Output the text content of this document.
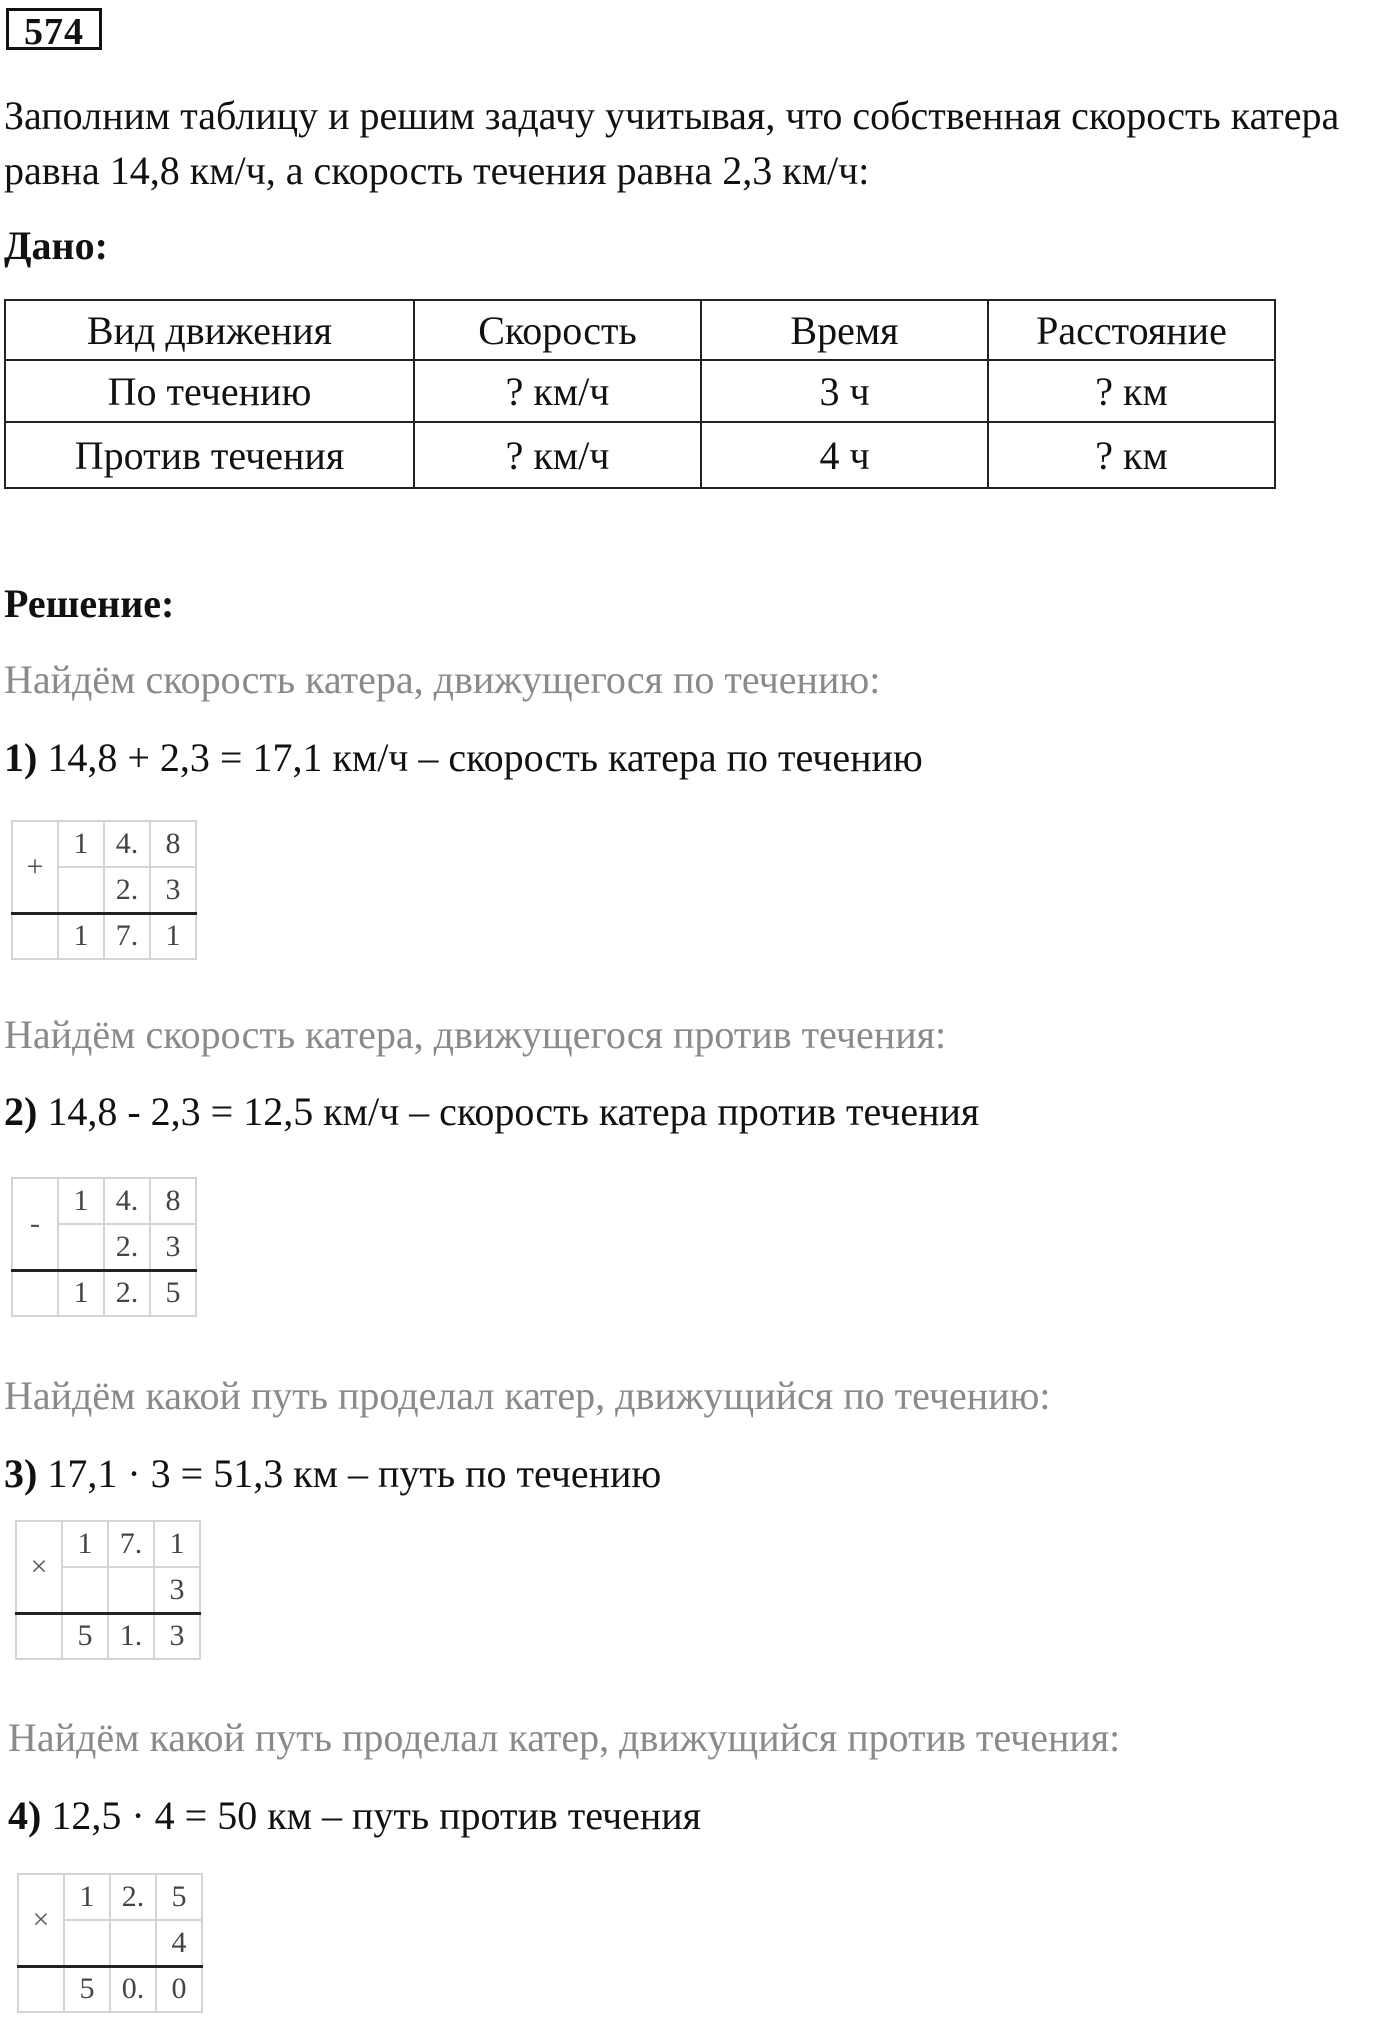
574
Заполним таблицу и решим задачу учитывая, что собственная скорость катера равна 14,8 км/ч, а скорость течения равна 2,3 км/ч:
Дано:
Вид движения	Скорость	Время	Расстояние
По течению	? км/ч	3 ч	? км
Против течения	? км/ч	4 ч	? км
Решение:
Найдём скорость катера, движущегося по течению:
1) 14,8 + 2,3 = 17,1 км/ч – скорость катера по течению
+	1	4.	8
		2.	3
	1	7.	1
Найдём скорость катера, движущегося против течения:
2) 14,8 - 2,3 = 12,5 км/ч – скорость катера против течения
-	1	4.	8
		2.	3
	1	2.	5
Найдём какой путь проделал катер, движущийся по течению:
3) 17,1 · 3 = 51,3 км – путь по течению
×	1	7.	1
			3
	5	1.	3
Найдём какой путь проделал катер, движущийся против течения:
4) 12,5 · 4 = 50 км – путь против течения
×	1	2.	5
			4
	5	0.	0
